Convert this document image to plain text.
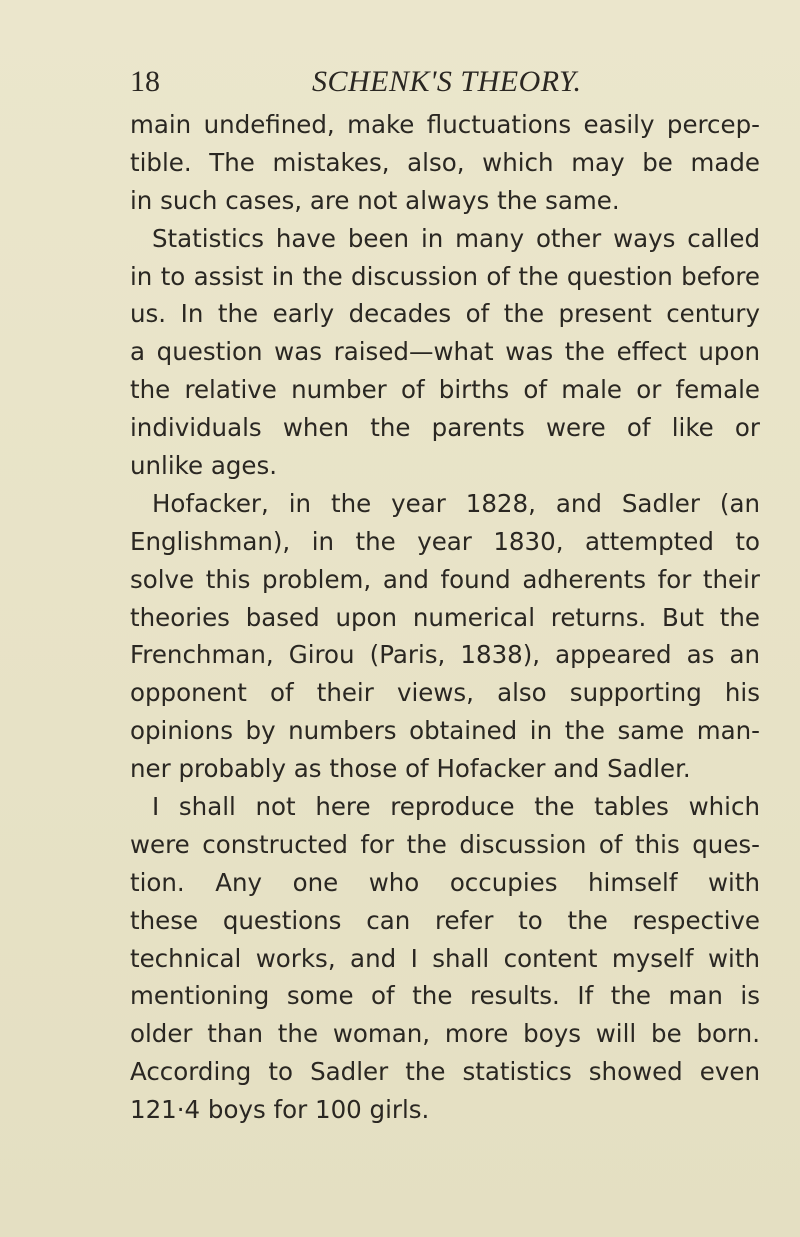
18	SCHENK'S THEORY.
main undefined, make fluctuations easily percep-
tible. The mistakes, also, which may be made
in such cases, are not always the same.
Statistics have been in many other ways called
in to assist in the discussion of the question before
us. In the early decades of the present century
a question was raised—what was the effect upon
the relative number of births of male or female
individuals when the parents were of like or
unlike ages.
Hofacker, in the year 1828, and Sadler (an
Englishman), in the year 1830, attempted to
solve this problem, and found adherents for their
theories based upon numerical returns. But the
Frenchman, Girou (Paris, 1838), appeared as an
opponent of their views, also supporting his
opinions by numbers obtained in the same man-
ner probably as those of Hofacker and Sadler.
I shall not here reproduce the tables which
were constructed for the discussion of this ques-
tion. Any one who occupies himself with
these questions can refer to the respective
technical works, and I shall content myself with
mentioning some of the results. If the man is
older than the woman, more boys will be born.
According to Sadler the statistics showed even
121·4 boys for 100 girls.
